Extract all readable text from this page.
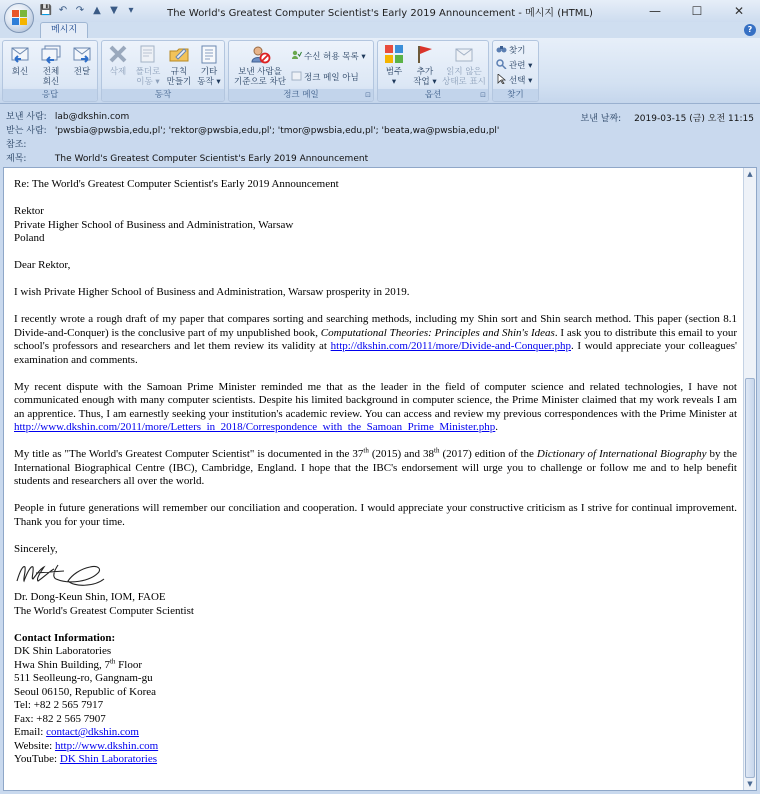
💾 ↶ ↷ ▲ ▼	▾	The World's Greatest Computer Scientist's Early 2019 Announcement - 메시지 (HTML)	—	☐	✕
메시지	?
회신	전체
회신
전달
응답
삭제	폴더로
이동 ▾
규칙
만들기
기타
동작 ▾
동작
보낸 사람을
기준으로 차단
수신 허용 목록 ▾
정크 메일 아님
정크 메일	⊡
범주
▾
추가
작업 ▾
읽지 않은
상태로 표시
옵션	⊡
찾기
관련 ▾
선택 ▾
찾기
보낸 사람: lab@dkshin.com
받는 사람: 'pwsbia@pwsbia,edu,pl'; 'rektor@pwsbia,edu,pl'; 'tmor@pwsbia,edu,pl'; 'beata,wa@pwsbia,edu,pl'
참조:
제목:	The World's Greatest Computer Scientist's Early 2019 Announcement
보낸 날짜: 2019-03-15 (금) 오전 11:15

Re: The World's Greatest Computer Scientist's Early 2019 Announcement

Rektor

Private Higher School of Business and Administration, Warsaw

Poland

Dear Rektor,

I wish Private Higher School of Business and Administration, Warsaw prosperity in 2019.

I recently wrote a rough draft of my paper that compares sorting and searching methods, including my Shin sort and Shin search method. This paper (section 8.1 Divide-and-Conquer) is the conclusive part of my unpublished book, Computational Theories: Principles and Shin's Ideas. I ask you to distribute this email to your school's professors and researchers and let them review its validity at http://dkshin.com/2011/more/Divide-and-Conquer.php. I would appreciate your colleagues' examination and comments.

My recent dispute with the Samoan Prime Minister reminded me that as the leader in the field of computer science and related technologies, I have not communicated enough with many computer scientists. Despite his limited background in computer science, the Prime Minister claimed that my work reveals I am an apprentice. Thus, I am earnestly seeking your institution's academic review. You can access and review my previous correspondences with the Prime Minister at http://www.dkshin.com/2011/more/Letters_in_2018/Correspondence_with_the_Samoan_Prime_Minister.php.

My title as "The World's Greatest Computer Scientist" is documented in the 37th (2015) and 38th (2017) edition of the Dictionary of International Biography by the International Biographical Centre (IBC), Cambridge, England. I hope that the IBC's endorsement will urge you to challenge or follow me and to help benefit students and researchers all over the world.

People in future generations will remember our conciliation and cooperation. I would appreciate your constructive criticism as I strive for continual improvement. Thank you for your time.

Sincerely,

Dr. Dong-Keun Shin, IOM, FAOE

The World's Greatest Computer Scientist

Contact Information:

DK Shin Laboratories

Hwa Shin Building, 7th Floor

511 Seolleung-ro, Gangnam-gu

Seoul 06150, Republic of Korea

Tel: +82 2 565 7917

Fax: +82 2 565 7907

Email: contact@dkshin.com

Website: http://www.dkshin.com

YouTube: DK Shin Laboratories

▲
▼
